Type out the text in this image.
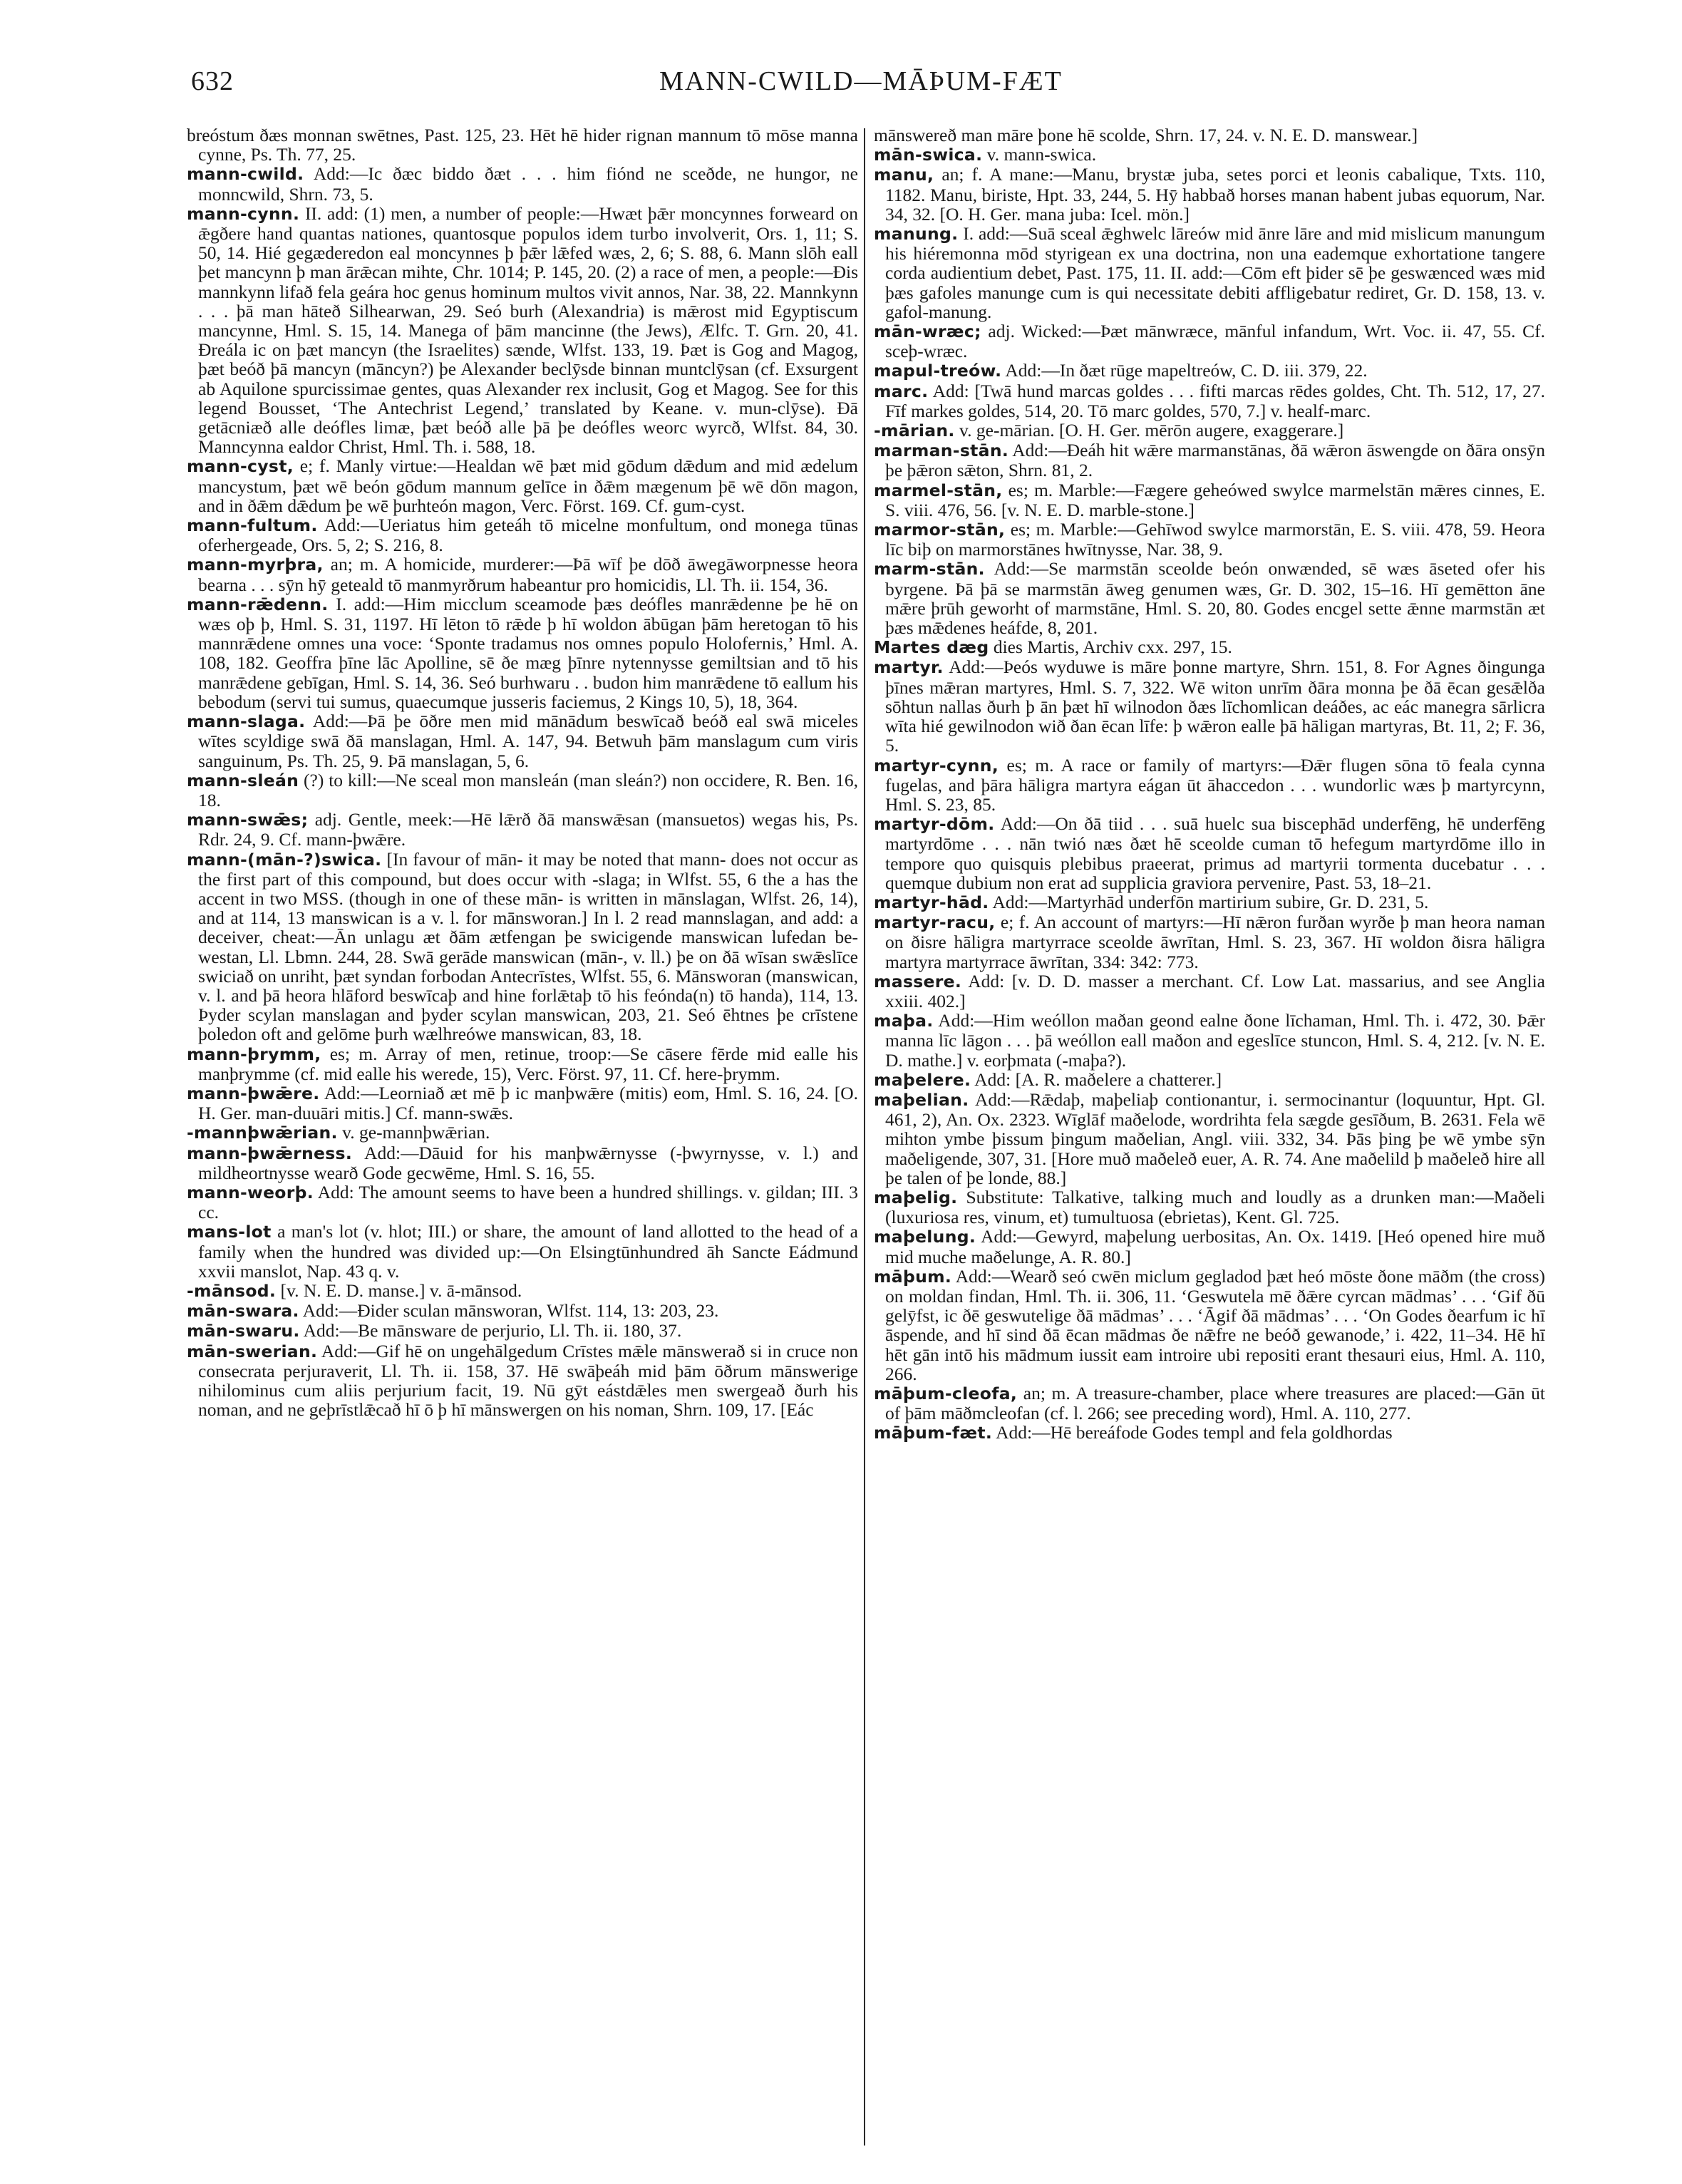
632	MANN-CWILD—MĀÞUM-FÆT

breóstum ðæs monnan swētnes, Past. 125, 23. Hēt hē hider rignan mannum tō mōse manna cynne, Ps. Th. 77, 25.

mann-cwild. Add:—Ic ðæc biddo ðæt . . . him fiónd ne sceðde, ne hungor, ne monncwild, Shrn. 73, 5.

mann-cynn. II. add: (1) men, a number of people:—Hwæt þǣr moncynnes forweard on ǣgðere hand quantas nationes, quantosque populos idem turbo involverit, Ors. 1, 11; S. 50, 14. Hié gegæderedon eal moncynnes þ þǣr lǣfed wæs, 2, 6; S. 88, 6. Mann slōh eall þet mancynn þ man ārǣcan mihte, Chr. 1014; P. 145, 20. (2) a race of men, a people:—Ðis mannkynn lifað fela geára hoc genus hominum multos vivit annos, Nar. 38, 22. Mannkynn . . . þā man hāteð Silhearwan, 29. Seó burh (Alexandria) is mǣrost mid Egyptiscum mancynne, Hml. S. 15, 14. Manega of þām mancinne (the Jews), Ælfc. T. Grn. 20, 41. Ðreála ic on þæt mancyn (the Israelites) sænde, Wlfst. 133, 19. Þæt is Gog and Magog, þæt beóð þā mancyn (māncyn?) þe Alexander beclȳsde binnan muntclȳsan (cf. Exsurgent ab Aquilone spurcissimae gentes, quas Alexander rex inclusit, Gog et Magog. See for this legend Bousset, ‘The Antechrist Legend,’ translated by Keane. v. mun-clȳse). Ðā getācniæð alle deófles limæ, þæt beóð alle þā þe deófles weorc wyrcð, Wlfst. 84, 30. Manncynna ealdor Christ, Hml. Th. i. 588, 18.

mann-cyst, e; f. Manly virtue:—Healdan wē þæt mid gōdum dǣdum and mid ædelum mancystum, þæt wē beón gōdum mannum gelīce in ðǣm mægenum þē wē dōn magon, and in ðǣm dǣdum þe wē þurhteón magon, Verc. Först. 169. Cf. gum-cyst.

mann-fultum. Add:—Ueriatus him geteáh tō micelne monfultum, ond monega tūnas oferhergeade, Ors. 5, 2; S. 216, 8.

mann-myrþra, an; m. A homicide, murderer:—Þā wīf þe dōð āwegāworpnesse heora bearna . . . sȳn hȳ geteald tō manmyrðrum habeantur pro homicidis, Ll. Th. ii. 154, 36.

mann-rǣdenn. I. add:—Him micclum sceamode þæs deófles manrǣdenne þe hē on wæs oþ þ, Hml. S. 31, 1197. Hī lēton tō rǣde þ hī woldon ābūgan þām heretogan tō his mannrǣdene omnes una voce: ‘Sponte tradamus nos omnes populo Holofernis,’ Hml. A. 108, 182. Geoffra þīne lāc Apolline, sē ðe mæg þīnre nytennysse gemiltsian and tō his manrǣdene gebīgan, Hml. S. 14, 36. Seó burhwaru . . budon him manrǣdene tō eallum his bebodum (servi tui sumus, quaecumque jusseris faciemus, 2 Kings 10, 5), 18, 364.

mann-slaga. Add:—Þā þe ōðre men mid mānādum beswīcað beóð eal swā miceles wītes scyldige swā ðā manslagan, Hml. A. 147, 94. Betwuh þām manslagum cum viris sanguinum, Ps. Th. 25, 9. Þā manslagan, 5, 6.

mann-sleán (?) to kill:—Ne sceal mon mansleán (man sleán?) non occidere, R. Ben. 16, 18.

mann-swǣs; adj. Gentle, meek:—Hē lǣrð ðā manswǣsan (mansuetos) wegas his, Ps. Rdr. 24, 9. Cf. mann-þwǣre.

mann-(mān-?)swica. [In favour of mān- it may be noted that mann- does not occur as the first part of this compound, but does occur with -slaga; in Wlfst. 55, 6 the a has the accent in two MSS. (though in one of these mān- is written in mānslagan, Wlfst. 26, 14), and at 114, 13 manswican is a v. l. for mānsworan.] In l. 2 read mannslagan, and add: a deceiver, cheat:—Ān unlagu æt ðām ætfengan þe swicigende manswican lufedan be-westan, Ll. Lbmn. 244, 28. Swā gerāde manswican (mān-, v. ll.) þe on ðā wīsan swǣslīce swiciað on unriht, þæt syndan forbodan Antecrīstes, Wlfst. 55, 6. Mānsworan (manswican, v. l. and þā heora hlāford beswīcaþ and hine forlǣtaþ tō his feónda(n) tō handa), 114, 13. Þyder scylan manslagan and þyder scylan manswican, 203, 21. Seó ēhtnes þe crīstene þoledon oft and gelōme þurh wælhreówe manswican, 83, 18.

mann-þrymm, es; m. Array of men, retinue, troop:—Se cāsere fērde mid ealle his manþrymme (cf. mid ealle his werede, 15), Verc. Först. 97, 11. Cf. here-þrymm.

mann-þwǣre. Add:—Leorniað æt mē þ ic manþwǣre (mitis) eom, Hml. S. 16, 24. [O. H. Ger. man-duuāri mitis.] Cf. mann-swǣs.

-mannþwǣrian. v. ge-mannþwǣrian.

mann-þwǣrness. Add:—Dāuid for his manþwǣrnysse (-þwyrnysse, v. l.) and mildheortnysse wearð Gode gecwēme, Hml. S. 16, 55.

mann-weorþ. Add: The amount seems to have been a hundred shillings. v. gildan; III. 3 cc.

mans-lot a man's lot (v. hlot; III.) or share, the amount of land allotted to the head of a family when the hundred was divided up:—On Elsingtūnhundred āh Sancte Eádmund xxvii manslot, Nap. 43 q. v.

-mānsod. [v. N. E. D. manse.] v. ā-mānsod.

mān-swara. Add:—Ðider sculan mānsworan, Wlfst. 114, 13: 203, 23.

mān-swaru. Add:—Be mānsware de perjurio, Ll. Th. ii. 180, 37.

mān-swerian. Add:—Gif hē on ungehālgedum Crīstes mǣle mānswerað si in cruce non consecrata perjuraverit, Ll. Th. ii. 158, 37. Hē swāþeáh mid þām ōðrum mānswerige nihilominus cum aliis perjurium facit, 19. Nū gȳt eástdǣles men swergeað ðurh his noman, and ne geþrīstlǣcað hī ō þ hī mānswergen on his noman, Shrn. 109, 17. [Eác

mānswereð man māre þone hē scolde, Shrn. 17, 24. v. N. E. D. manswear.]

mān-swica. v. mann-swica.

manu, an; f. A mane:—Manu, brystæ juba, setes porci et leonis cabalique, Txts. 110, 1182. Manu, biriste, Hpt. 33, 244, 5. Hȳ habbað horses manan habent jubas equorum, Nar. 34, 32. [O. H. Ger. mana juba: Icel. mön.]

manung. I. add:—Suā sceal ǣghwelc lāreów mid ānre lāre and mid mislicum manungum his hiéremonna mōd styrigean ex una doctrina, non una eademque exhortatione tangere corda audientium debet, Past. 175, 11. II. add:—Cōm eft þider sē þe geswænced wæs mid þæs gafoles manunge cum is qui necessitate debiti affligebatur rediret, Gr. D. 158, 13. v. gafol-manung.

mān-wræc; adj. Wicked:—Þæt mānwræce, mānful infandum, Wrt. Voc. ii. 47, 55. Cf. sceþ-wræc.

mapul-treów. Add:—In ðæt rūge mapeltreów, C. D. iii. 379, 22.

marc. Add: [Twā hund marcas goldes . . . fifti marcas rēdes goldes, Cht. Th. 512, 17, 27. Fīf markes goldes, 514, 20. Tō marc goldes, 570, 7.] v. healf-marc.

-mārian. v. ge-mārian. [O. H. Ger. mērōn augere, exaggerare.]

marman-stān. Add:—Ðeáh hit wǣre marmanstānas, ðā wǣron āswengde on ðāra onsȳn þe þǣron sǣton, Shrn. 81, 2.

marmel-stān, es; m. Marble:—Fægere geheówed swylce marmelstān mǣres cinnes, E. S. viii. 476, 56. [v. N. E. D. marble-stone.]

marmor-stān, es; m. Marble:—Gehīwod swylce marmorstān, E. S. viii. 478, 59. Heora līc biþ on marmorstānes hwītnysse, Nar. 38, 9.

marm-stān. Add:—Se marmstān sceolde beón onwænded, sē wæs āseted ofer his byrgene. Þā þā se marmstān āweg genumen wæs, Gr. D. 302, 15–16. Hī gemētton āne mǣre þrūh geworht of marmstāne, Hml. S. 20, 80. Godes encgel sette ǣnne marmstān æt þæs mǣdenes heáfde, 8, 201.

Martes dæg dies Martis, Archiv cxx. 297, 15.

martyr. Add:—Þeós wyduwe is māre þonne martyre, Shrn. 151, 8. For Agnes ðingunga þīnes mǣran martyres, Hml. S. 7, 322. Wē witon unrīm ðāra monna þe ðā ēcan gesǣlða sōhtun nallas ðurh þ ān þæt hī wilnodon ðæs līchomlican deáðes, ac eác manegra sārlicra wīta hié gewilnodon wið ðan ēcan līfe: þ wǣron ealle þā hāligan martyras, Bt. 11, 2; F. 36, 5.

martyr-cynn, es; m. A race or family of martyrs:—Ðǣr flugen sōna tō feala cynna fugelas, and þāra hāligra martyra eágan ūt āhaccedon . . . wundorlic wæs þ martyrcynn, Hml. S. 23, 85.

martyr-dōm. Add:—On ðā tiid . . . suā huelc sua biscephād underfēng, hē underfēng martyrdōme . . . nān twió næs ðæt hē sceolde cuman tō hefegum martyrdōme illo in tempore quo quisquis plebibus praeerat, primus ad martyrii tormenta ducebatur . . . quemque dubium non erat ad supplicia graviora pervenire, Past. 53, 18–21.

martyr-hād. Add:—Martyrhād underfōn martirium subire, Gr. D. 231, 5.

martyr-racu, e; f. An account of martyrs:—Hī nǣron furðan wyrðe þ man heora naman on ðisre hāligra martyrrace sceolde āwrītan, Hml. S. 23, 367. Hī woldon ðisra hāligra martyra martyrrace āwrītan, 334: 342: 773.

massere. Add: [v. D. D. masser a merchant. Cf. Low Lat. massarius, and see Anglia xxiii. 402.]

maþa. Add:—Him weóllon maðan geond ealne ðone līchaman, Hml. Th. i. 472, 30. Þǣr manna līc lāgon . . . þā weóllon eall maðon and egeslīce stuncon, Hml. S. 4, 212. [v. N. E. D. mathe.] v. eorþmata (-maþa?).

maþelere. Add: [A. R. maðelere a chatterer.]

maþelian. Add:—Rǣdaþ, maþeliaþ contionantur, i. sermocinantur (loquuntur, Hpt. Gl. 461, 2), An. Ox. 2323. Wīglāf maðelode, wordrihta fela sægde gesīðum, B. 2631. Fela wē mihton ymbe þissum þingum maðelian, Angl. viii. 332, 34. Þās þing þe wē ymbe sȳn maðeligende, 307, 31. [Hore muð maðeleð euer, A. R. 74. Ane maðelild þ maðeleð hire all þe talen of þe londe, 88.]

maþelig. Substitute: Talkative, talking much and loudly as a drunken man:—Maðeli (luxuriosa res, vinum, et) tumultuosa (ebrietas), Kent. Gl. 725.

maþelung. Add:—Gewyrd, maþelung uerbositas, An. Ox. 1419. [Heó opened hire muð mid muche maðelunge, A. R. 80.]

māþum. Add:—Wearð seó cwēn miclum gegladod þæt heó mōste ðone māðm (the cross) on moldan findan, Hml. Th. ii. 306, 11. ‘Geswutela mē ðǣre cyrcan mādmas’ . . . ‘Gif ðū gelȳfst, ic ðē geswutelige ðā mādmas’ . . . ‘Āgif ðā mādmas’ . . . ‘On Godes ðearfum ic hī āspende, and hī sind ðā ēcan mādmas ðe nǣfre ne beóð gewanode,’ i. 422, 11–34. Hē hī hēt gān intō his mādmum iussit eam introire ubi repositi erant thesauri eius, Hml. A. 110, 266.

māþum-cleofa, an; m. A treasure-chamber, place where treasures are placed:—Gān ūt of þām māðmcleofan (cf. l. 266; see preceding word), Hml. A. 110, 277.

māþum-fæt. Add:—Hē bereáfode Godes templ and fela goldhordas
